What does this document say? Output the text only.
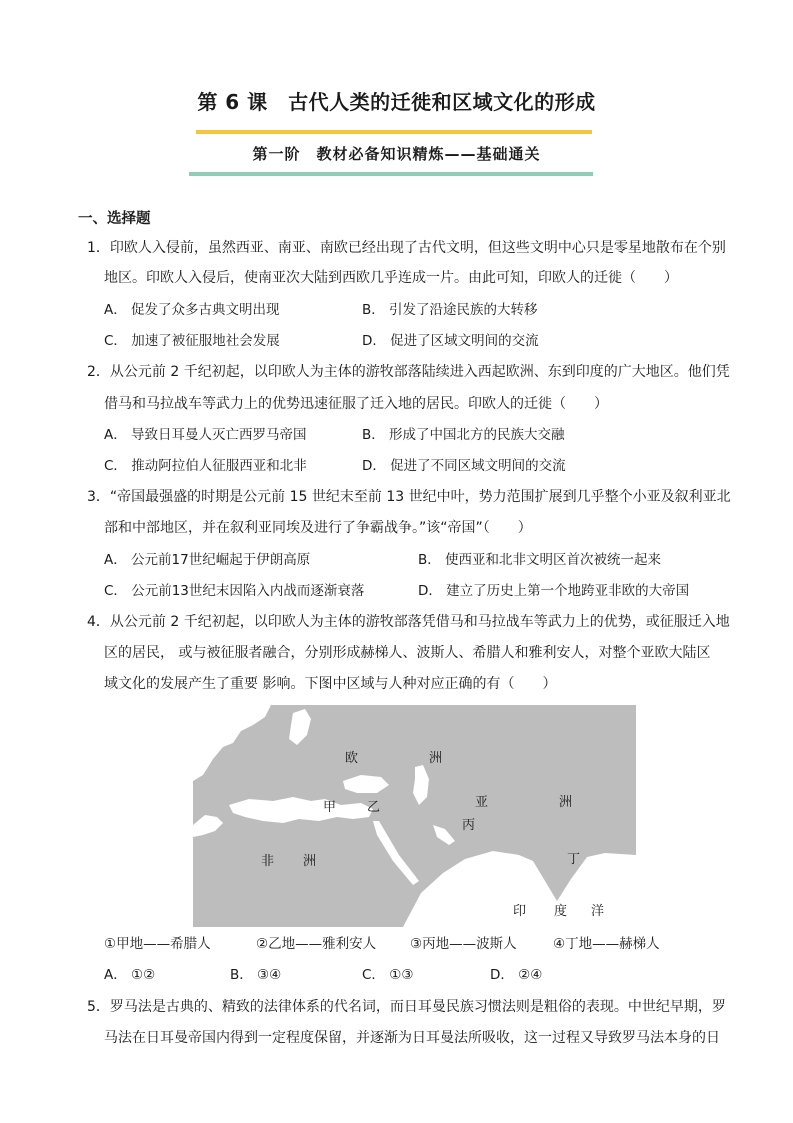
第 6 课　古代人类的迁徙和区域文化的形成
第一阶　教材必备知识精炼——基础通关
一、选择题
1．印欧人入侵前，虽然西亚、南亚、南欧已经出现了古代文明，但这些文明中心只是零星地散布在个别
地区。印欧人入侵后，使南亚次大陆到西欧几乎连成一片。由此可知，印欧人的迁徙（　　）
A． 促发了众多古典文明出现	B． 引发了沿途民族的大转移
C． 加速了被征服地社会发展	D． 促进了区域文明间的交流
2．从公元前 2 千纪初起，以印欧人为主体的游牧部落陆续进入西起欧洲、东到印度的广大地区。他们凭
借马和马拉战车等武力上的优势迅速征服了迁入地的居民。印欧人的迁徙（　　）
A． 导致日耳曼人灭亡西罗马帝国	B． 形成了中国北方的民族大交融
C． 推动阿拉伯人征服西亚和北非	D． 促进了不同区域文明间的交流
3．“帝国最强盛的时期是公元前 15 世纪末至前 13 世纪中叶，势力范围扩展到几乎整个小亚及叙利亚北
部和中部地区，并在叙利亚同埃及进行了争霸战争。”该“帝国”（　　）
A． 公元前17世纪崛起于伊朗高原	B． 使西亚和北非文明区首次被统一起来
C． 公元前13世纪末因陷入内战而逐渐衰落	D． 建立了历史上第一个地跨亚非欧的大帝国
4．从公元前 2 千纪初起，以印欧人为主体的游牧部落凭借马和马拉战车等武力上的优势，或征服迁入地
区的居民， 或与被征服者融合，分别形成赫梯人、波斯人、希腊人和雅利安人，对整个亚欧大陆区
域文化的发展产生了重要 影响。下图中区域与人种对应正确的有（　　）
欧	洲
亚	洲
非 洲
甲 乙
丙
丁
印 度 洋
①甲地——希腊人	②乙地——雅利安人	③丙地——波斯人	④丁地——赫梯人
A． ①②	B． ③④	C． ①③	D． ②④
5．罗马法是古典的、精致的法律体系的代名词，而日耳曼民族习惯法则是粗俗的表现。中世纪早期，罗
马法在日耳曼帝国内得到一定程度保留，并逐渐为日耳曼法所吸收，这一过程又导致罗马法本身的日
